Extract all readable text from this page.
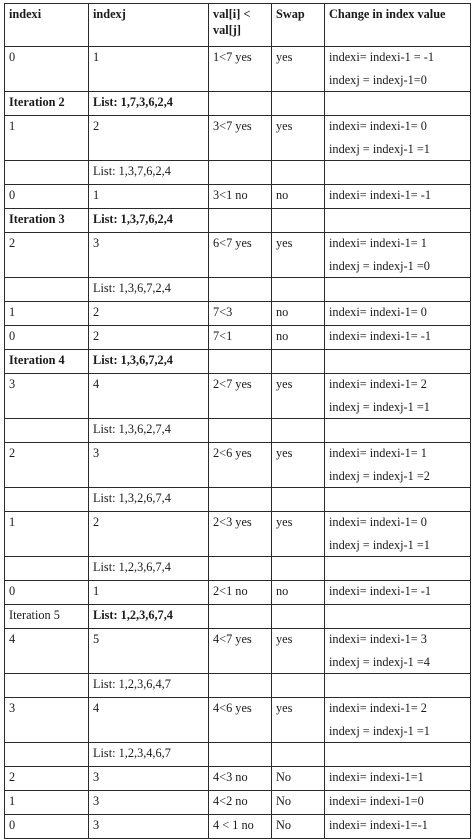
indexi	indexj	val[i] < val[j]	Swap	Change in index value
0	1	1<7 yes	yes	indexi= indexi-1 = -1
indexj = indexj-1=0

Iteration 2	List: 1,7,3,6,2,4			
1	2	3<7 yes	yes	indexi= indexi-1= 0
indexj = indexj-1 =1

	List: 1,3,7,6,2,4			
0	1	3<1 no	no	indexi= indexi-1= -1

Iteration 3	List: 1,3,7,6,2,4			
2	3	6<7 yes	yes	indexi= indexi-1= 1
indexj = indexj-1 =0

	List: 1,3,6,7,2,4			
1	2	7<3	no	indexi= indexi-1= 0

0	2	7<1	no	indexi= indexi-1= -1

Iteration 4	List: 1,3,6,7,2,4			
3	4	2<7 yes	yes	indexi= indexi-1= 2
indexj = indexj-1 =1

	List: 1,3,6,2,7,4			
2	3	2<6 yes	yes	indexi= indexi-1= 1
indexj = indexj-1 =2

	List: 1,3,2,6,7,4			
1	2	2<3 yes	yes	indexi= indexi-1= 0
indexj = indexj-1 =1

	List: 1,2,3,6,7,4			
0	1	2<1 no	no	indexi= indexi-1= -1

Iteration 5	List: 1,2,3,6,7,4			
4	5	4<7 yes	yes	indexi= indexi-1= 3
indexj = indexj-1 =4

	List: 1,2,3,6,4,7			
3	4	4<6 yes	yes	indexi= indexi-1= 2
indexj = indexj-1 =1

	List: 1,2,3,4,6,7			
2	3	4<3 no	No	indexi= indexi-1=1

1	3	4<2 no	No	indexi= indexi-1=0

0	3	4 < 1 no	No	indexi= indexi-1=-1
